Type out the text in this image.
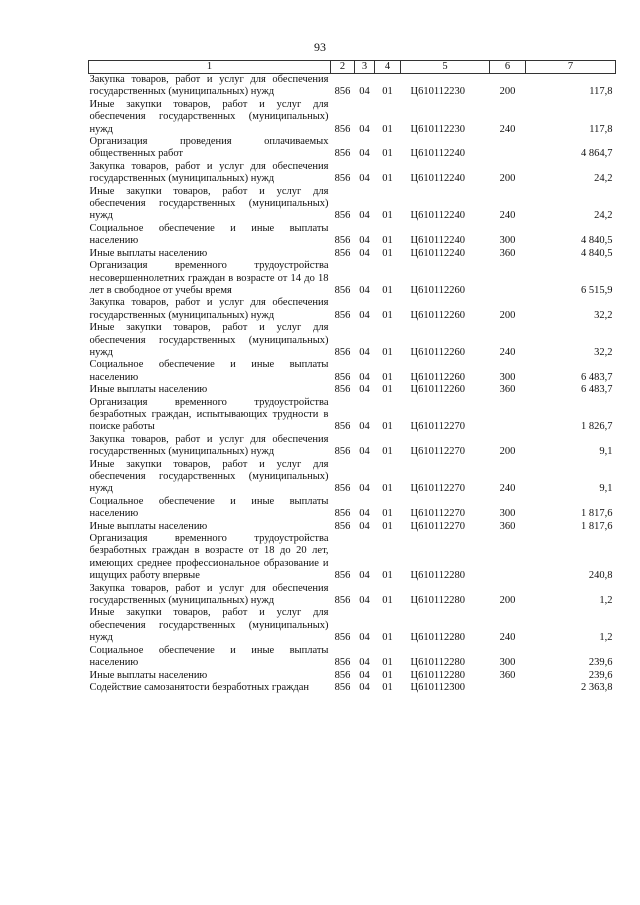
93
1	2	3	4	5	6	7
Закупка товаров, работ и услуг для обеспечения государственных (муниципальных) нужд	856	04	01	Ц610112230	200	117,8
Иные закупки товаров, работ и услуг для обеспечения государственных (муниципальных) нужд	856	04	01	Ц610112230	240	117,8
Организация проведения оплачиваемых общественных работ	856	04	01	Ц610112240		4 864,7
Закупка товаров, работ и услуг для обеспечения государственных (муниципальных) нужд	856	04	01	Ц610112240	200	24,2
Иные закупки товаров, работ и услуг для обеспечения государственных (муниципальных) нужд	856	04	01	Ц610112240	240	24,2
Социальное обеспечение и иные выплаты населению	856	04	01	Ц610112240	300	4 840,5
Иные выплаты населению	856	04	01	Ц610112240	360	4 840,5
Организация временного трудоустройства несовершеннолетних граждан в возрасте от 14 до 18 лет в свободное от учебы время	856	04	01	Ц610112260		6 515,9
Закупка товаров, работ и услуг для обеспечения государственных (муниципальных) нужд	856	04	01	Ц610112260	200	32,2
Иные закупки товаров, работ и услуг для обеспечения государственных (муниципальных) нужд	856	04	01	Ц610112260	240	32,2
Социальное обеспечение и иные выплаты населению	856	04	01	Ц610112260	300	6 483,7
Иные выплаты населению	856	04	01	Ц610112260	360	6 483,7
Организация временного трудоустройства безработных граждан, испытывающих трудности в поиске работы	856	04	01	Ц610112270		1 826,7
Закупка товаров, работ и услуг для обеспечения государственных (муниципальных) нужд	856	04	01	Ц610112270	200	9,1
Иные закупки товаров, работ и услуг для обеспечения государственных (муниципальных) нужд	856	04	01	Ц610112270	240	9,1
Социальное обеспечение и иные выплаты населению	856	04	01	Ц610112270	300	1 817,6
Иные выплаты населению	856	04	01	Ц610112270	360	1 817,6
Организация временного трудоустройства безработных граждан в возрасте от 18 до 20 лет, имеющих среднее профессиональное образование и ищущих работу впервые	856	04	01	Ц610112280		240,8
Закупка товаров, работ и услуг для обеспечения государственных (муниципальных) нужд	856	04	01	Ц610112280	200	1,2
Иные закупки товаров, работ и услуг для обеспечения государственных (муниципальных) нужд	856	04	01	Ц610112280	240	1,2
Социальное обеспечение и иные выплаты населению	856	04	01	Ц610112280	300	239,6
Иные выплаты населению	856	04	01	Ц610112280	360	239,6
Содействие самозанятости безработных граждан	856	04	01	Ц610112300		2 363,8
